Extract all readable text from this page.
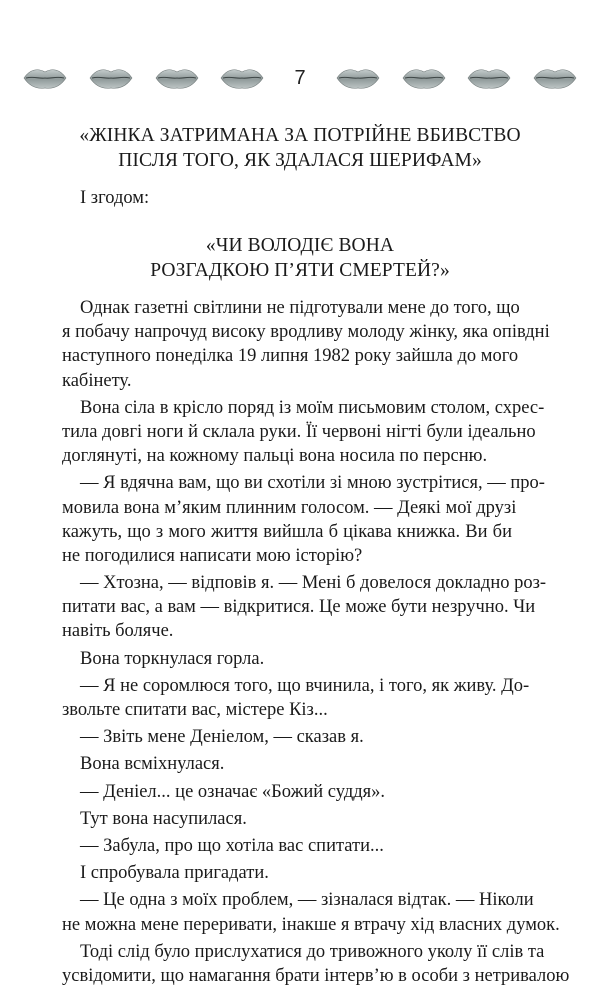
7
«ЖІНКА ЗАТРИМАНА ЗА ПОТРІЙНЕ ВБИВСТВО
ПІСЛЯ ТОГО, ЯК ЗДАЛАСЯ ШЕРИФАМ»
І згодом:
«ЧИ ВОЛОДІЄ ВОНА
РОЗГАДКОЮ П’ЯТИ СМЕРТЕЙ?»
Однак газетні світлини не підготували мене до того, що
я побачу напрочуд високу вродливу молоду жінку, яка опівдні
наступного понеділка 19 липня 1982 року зайшла до мого
кабінету.
Вона сіла в крісло поряд із моїм письмовим столом, схрес-
тила довгі ноги й склала руки. Її червоні нігті були ідеально
доглянуті, на кожному пальці вона носила по персню.
— Я вдячна вам, що ви схотіли зі мною зустрітися, — про-
мовила вона м’яким плинним голосом. — Деякі мої друзі
кажуть, що з мого життя вийшла б цікава книжка. Ви би
не погодилися написати мою історію?
— Хтозна, — відповів я. — Мені б довелося докладно роз-
питати вас, а вам — відкритися. Це може бути незручно. Чи
навіть боляче.
Вона торкнулася горла.
— Я не соромлюся того, що вчинила, і того, як живу. До-
звольте спитати вас, містере Кіз...
— Звіть мене Деніелом, — сказав я.
Вона всміхнулася.
— Деніел... це означає «Божий суддя».
Тут вона насупилася.
— Забула, про що хотіла вас спитати...
І спробувала пригадати.
— Це одна з моїх проблем, — зізналася відтак. — Ніколи
не можна мене переривати, інакше я втрачу хід власних думок.
Тоді слід було прислухатися до тривожного уколу її слів та
усвідомити, що намагання брати інтерв’ю в особи з нетривалою
